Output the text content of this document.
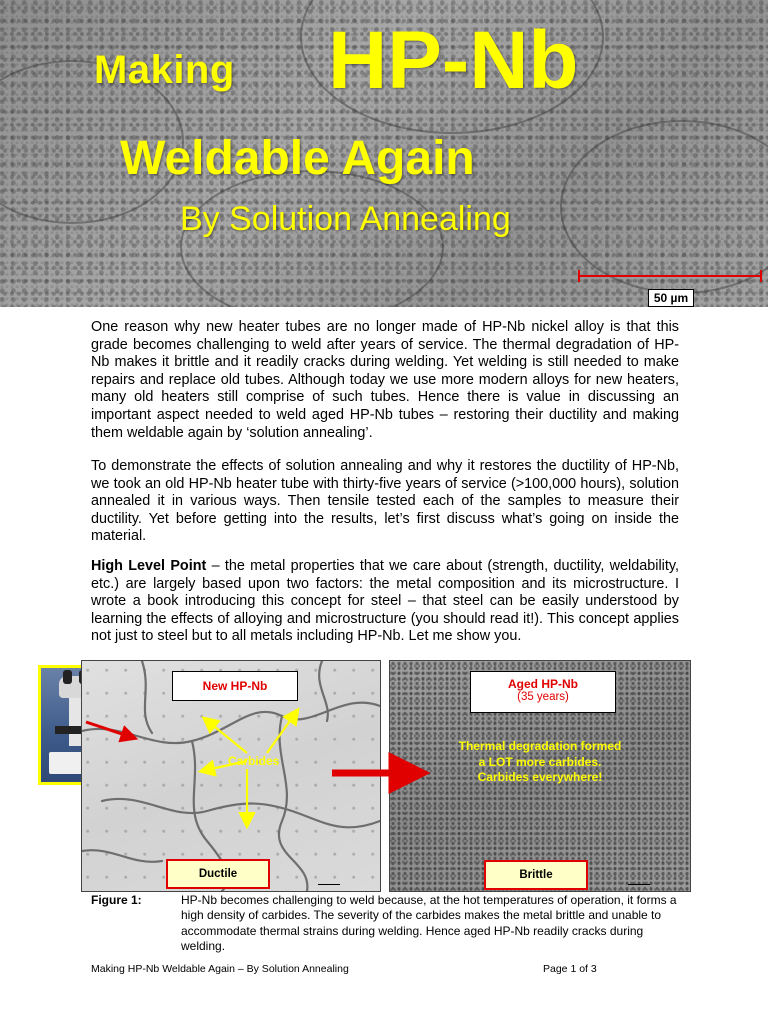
Making HP-Nb
Weldable Again
By Solution Annealing
50 µm

One reason why new heater tubes are no longer made of HP-Nb nickel alloy is that this grade becomes challenging to weld after years of service. The thermal degradation of HP-Nb makes it brittle and it readily cracks during welding. Yet welding is still needed to make repairs and replace old tubes. Although today we use more modern alloys for new heaters, many old heaters still comprise of such tubes. Hence there is value in discussing an important aspect needed to weld aged HP-Nb tubes – restoring their ductility and making them weldable again by ‘solution annealing’.

To demonstrate the effects of solution annealing and why it restores the ductility of HP-Nb, we took an old HP-Nb heater tube with thirty-five years of service (>100,000 hours), solution annealed it in various ways. Then tensile tested each of the samples to measure their ductility. Yet before getting into the results, let’s first discuss what’s going on inside the material.

High Level Point – the metal properties that we care about (strength, ductility, weldability, etc.) are largely based upon two factors: the metal composition and its microstructure. I wrote a book introducing this concept for steel – that steel can be easily understood by learning the effects of alloying and microstructure (you should read it!). This concept applies not just to steel but to all metals including HP-Nb. Let me show you.

New HP-Nb
Carbides
Ductile
Aged HP-Nb
(35 years)
Thermal degradation formed
a LOT more carbides.
Carbides everywhere!
Brittle
Figure 1:	HP-Nb becomes challenging to weld because, at the hot temperatures of operation, it forms a high density of carbides. The severity of the carbides makes the metal brittle and unable to accommodate thermal strains during welding. Hence aged HP-Nb readily cracks during welding.

Making HP-Nb Weldable Again – By Solution Annealing	Page 1 of 3
